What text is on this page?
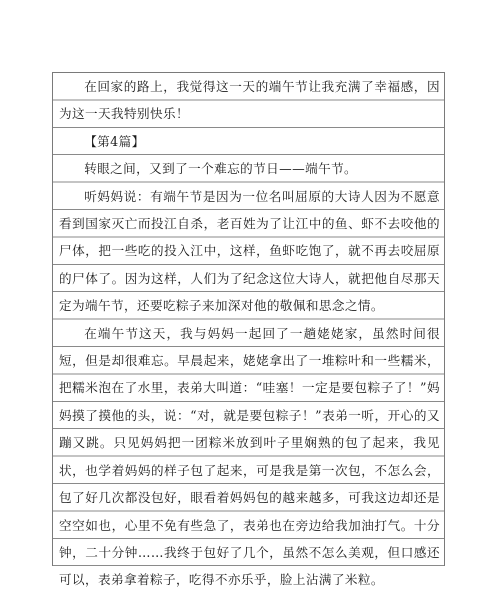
在回家的路上，我觉得这一天的端午节让我充满了幸福感，因为这一天我特别快乐！

【第4篇】

转眼之间，又到了一个难忘的节日——端午节。

听妈妈说：有端午节是因为一位名叫屈原的大诗人因为不愿意看到国家灭亡而投江自杀，老百姓为了让江中的鱼、虾不去咬他的尸体，把一些吃的投入江中，这样，鱼虾吃饱了，就不再去咬屈原的尸体了。因为这样，人们为了纪念这位大诗人，就把他自尽那天定为端午节，还要吃粽子来加深对他的敬佩和思念之情。

在端午节这天，我与妈妈一起回了一趟姥姥家，虽然时间很短，但是却很难忘。早晨起来，姥姥拿出了一堆粽叶和一些糯米，把糯米泡在了水里，表弟大叫道：“哇塞！一定是要包粽子了！”妈妈摸了摸他的头，说：“对，就是要包粽子！”表弟一听，开心的又蹦又跳。只见妈妈把一团粽米放到叶子里娴熟的包了起来，我见状，也学着妈妈的样子包了起来，可是我是第一次包，不怎么会，包了好几次都没包好，眼看着妈妈包的越来越多，可我这边却还是空空如也，心里不免有些急了，表弟也在旁边给我加油打气。十分钟，二十分钟……我终于包好了几个，虽然不怎么美观，但口感还可以，表弟拿着粽子，吃得不亦乐乎，脸上沾满了米粒。
